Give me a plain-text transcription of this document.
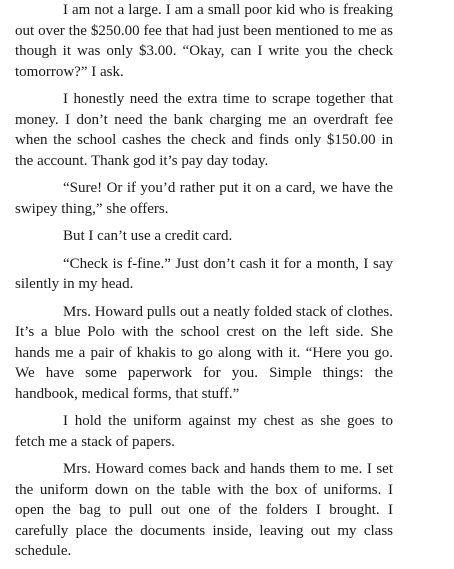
I am not a large. I am a small poor kid who is freaking
out over the $250.00 fee that had just been mentioned to me as
though it was only $3.00. “Okay, can I write you the check
tomorrow?” I ask.
I honestly need the extra time to scrape together that
money. I don’t need the bank charging me an overdraft fee
when the school cashes the check and finds only $150.00 in
the account. Thank god it’s pay day today.
“Sure! Or if you’d rather put it on a card, we have the
swipey thing,” she offers.
But I can’t use a credit card.
“Check is f-fine.” Just don’t cash it for a month, I say
silently in my head.
Mrs. Howard pulls out a neatly folded stack of clothes.
It’s a blue Polo with the school crest on the left side. She
hands me a pair of khakis to go along with it. “Here you go.
We have some paperwork for you. Simple things: the
handbook, medical forms, that stuff.”
I hold the uniform against my chest as she goes to
fetch me a stack of papers.
Mrs. Howard comes back and hands them to me. I set
the uniform down on the table with the box of uniforms. I
open the bag to pull out one of the folders I brought. I
carefully place the documents inside, leaving out my class
schedule.
